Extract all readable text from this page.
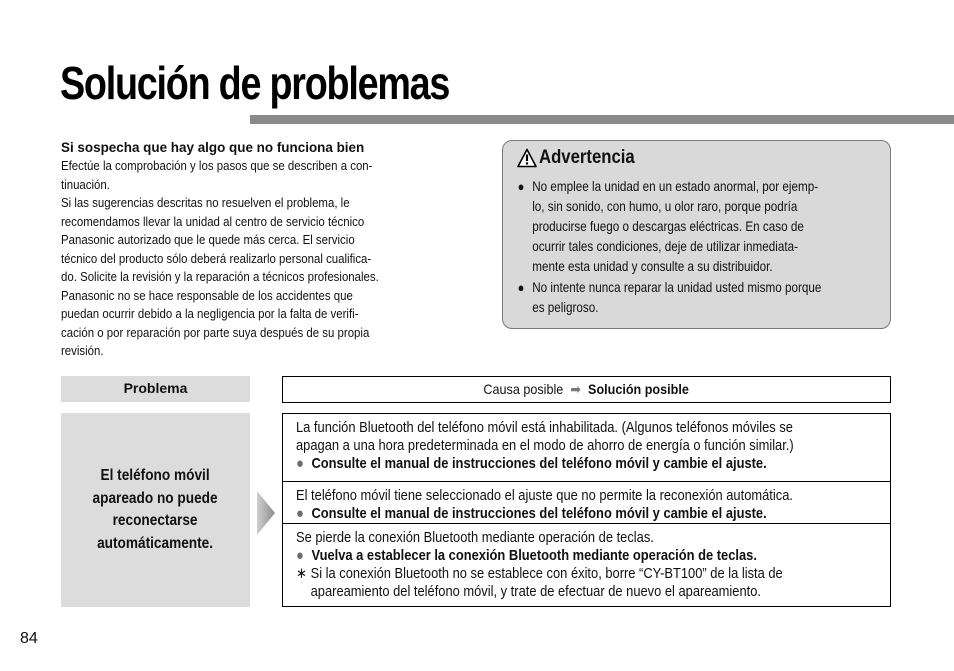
Solución de problemas
Si sospecha que hay algo que no funciona bien

Efectúe la comprobación y los pasos que se describen a con-

tinuación.

Si las sugerencias descritas no resuelven el problema, le

recomendamos llevar la unidad al centro de servicio técnico

Panasonic autorizado que le quede más cerca. El servicio

técnico del producto sólo deberá realizarlo personal cualifica-

do. Solicite la revisión y la reparación a técnicos profesionales.

Panasonic no se hace responsable de los accidentes que

puedan ocurrir debido a la negligencia por la falta de verifi-

cación o por reparación por parte suya después de su propia

revisión.

Advertencia
● No emplee la unidad en un estado anormal, por ejemp-

lo, sin sonido, con humo, u olor raro, porque podría

producirse fuego o descargas eléctricas. En caso de

ocurrir tales condiciones, deje de utilizar inmediata-

mente esta unidad y consulte a su distribuidor.

● No intente nunca reparar la unidad usted mismo porque

es peligroso.

Problema	Causa posible ➡ Solución posible

El teléfono móvil

apareado no puede

reconectarse

automáticamente.

La función Bluetooth del teléfono móvil está inhabilitada. (Algunos teléfonos móviles se

apagan a una hora predeterminada en el modo de ahorro de energía o función similar.)

● Consulte el manual de instrucciones del teléfono móvil y cambie el ajuste.

El teléfono móvil tiene seleccionado el ajuste que no permite la reconexión automática.

● Consulte el manual de instrucciones del teléfono móvil y cambie el ajuste.

Se pierde la conexión Bluetooth mediante operación de teclas.

● Vuelva a establecer la conexión Bluetooth mediante operación de teclas.

∗ Si la conexión Bluetooth no se establece con éxito, borre “CY-BT100” de la lista de

apareamiento del teléfono móvil, y trate de efectuar de nuevo el apareamiento.

84
